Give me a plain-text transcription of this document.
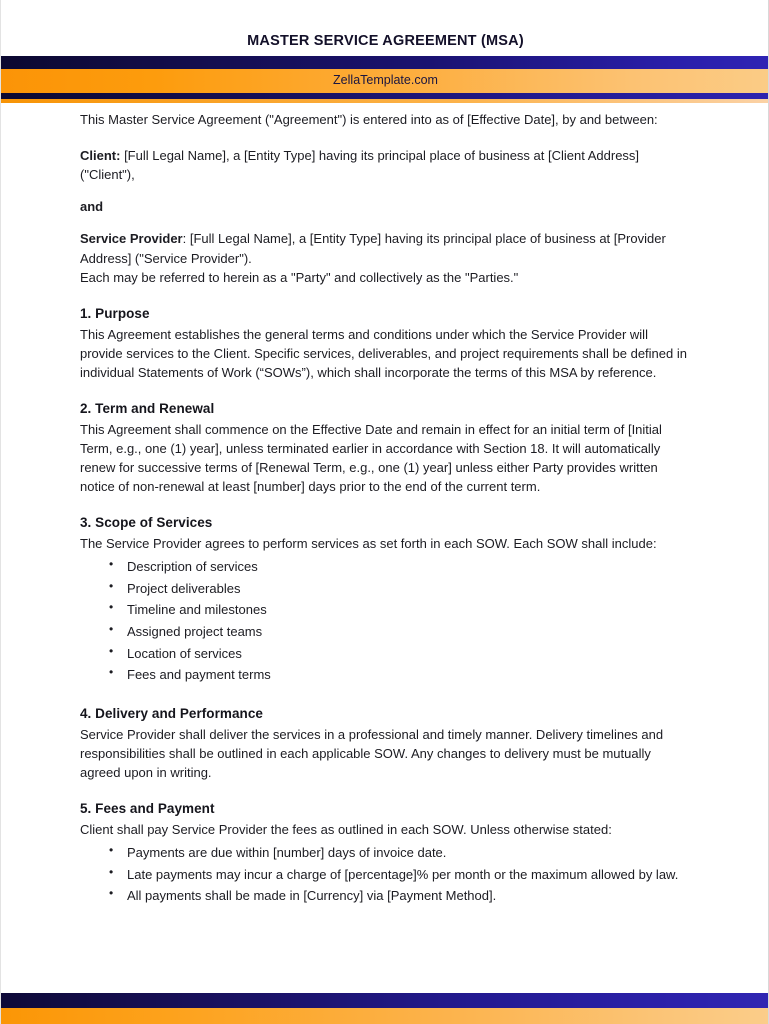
MASTER SERVICE AGREEMENT (MSA)
ZellaTemplate.com

This Master Service Agreement ("Agreement") is entered into as of [Effective Date], by and between:

Client: [Full Legal Name], a [Entity Type] having its principal place of business at [Client Address] ("Client"),

and

Service Provider: [Full Legal Name], a [Entity Type] having its principal place of business at [Provider Address] ("Service Provider").

Each may be referred to herein as a "Party" and collectively as the "Parties."

1. Purpose

This Agreement establishes the general terms and conditions under which the Service Provider will provide services to the Client. Specific services, deliverables, and project requirements shall be defined in individual Statements of Work (“SOWs”), which shall incorporate the terms of this MSA by reference.

2. Term and Renewal

This Agreement shall commence on the Effective Date and remain in effect for an initial term of [Initial Term, e.g., one (1) year], unless terminated earlier in accordance with Section 18. It will automatically renew for successive terms of [Renewal Term, e.g., one (1) year] unless either Party provides written notice of non-renewal at least [number] days prior to the end of the current term.

3. Scope of Services

The Service Provider agrees to perform services as set forth in each SOW. Each SOW shall include:

• Description of services
• Project deliverables
• Timeline and milestones
• Assigned project teams
• Location of services
• Fees and payment terms
4. Delivery and Performance

Service Provider shall deliver the services in a professional and timely manner. Delivery timelines and responsibilities shall be outlined in each applicable SOW. Any changes to delivery must be mutually agreed upon in writing.

5. Fees and Payment

Client shall pay Service Provider the fees as outlined in each SOW. Unless otherwise stated:

• Payments are due within [number] days of invoice date.
• Late payments may incur a charge of [percentage]% per month or the maximum allowed by law.
• All payments shall be made in [Currency] via [Payment Method].
